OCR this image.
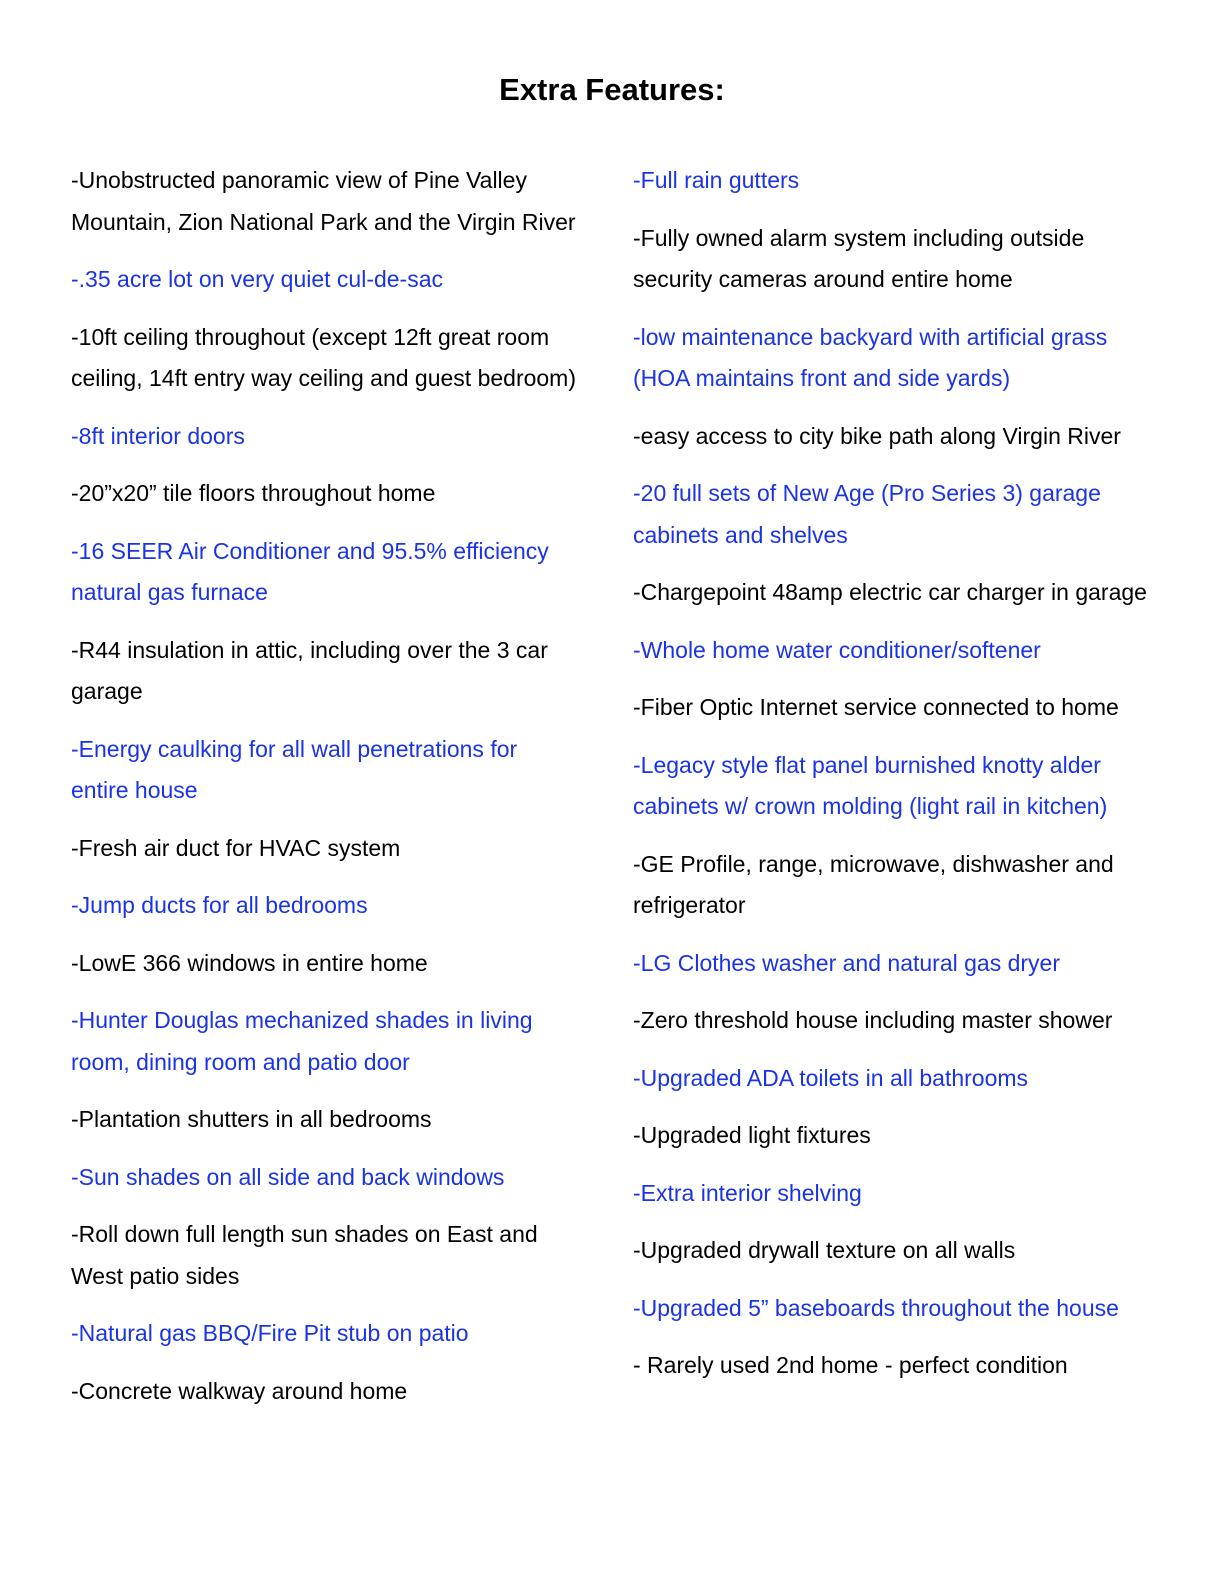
Extra Features:
-Unobstructed panoramic view of Pine Valley Mountain, Zion National Park and the Virgin River
-.35 acre lot on very quiet cul-de-sac
-10ft ceiling throughout (except 12ft great room ceiling, 14ft entry way ceiling and guest bedroom)
-8ft interior doors
-20”x20” tile floors throughout home
-16 SEER Air Conditioner and 95.5% efficiency natural gas furnace
-R44 insulation in attic, including over the 3 car garage
-Energy caulking for all wall penetrations for entire house
-Fresh air duct for HVAC system
-Jump ducts for all bedrooms
-LowE 366 windows in entire home
-Hunter Douglas mechanized shades in living room, dining room and patio door
-Plantation shutters in all bedrooms
-Sun shades on all side and back windows
-Roll down full length sun shades on East and West patio sides
-Natural gas BBQ/Fire Pit stub on patio
-Concrete walkway around home
-Full rain gutters
-Fully owned alarm system including outside security cameras around entire home
-low maintenance backyard with artificial grass (HOA maintains front and side yards)
-easy access to city bike path along Virgin River
-20 full sets of New Age (Pro Series 3) garage cabinets and shelves
-Chargepoint 48amp electric car charger in garage
-Whole home water conditioner/softener
-Fiber Optic Internet service connected to home
-Legacy style flat panel burnished knotty alder cabinets w/ crown molding (light rail in kitchen)
-GE Profile, range, microwave, dishwasher and refrigerator
-LG Clothes washer and natural gas dryer
-Zero threshold house including master shower
-Upgraded ADA toilets in all bathrooms
-Upgraded light fixtures
-Extra interior shelving
-Upgraded drywall texture on all walls
-Upgraded 5” baseboards throughout the house
- Rarely used 2nd home - perfect condition
